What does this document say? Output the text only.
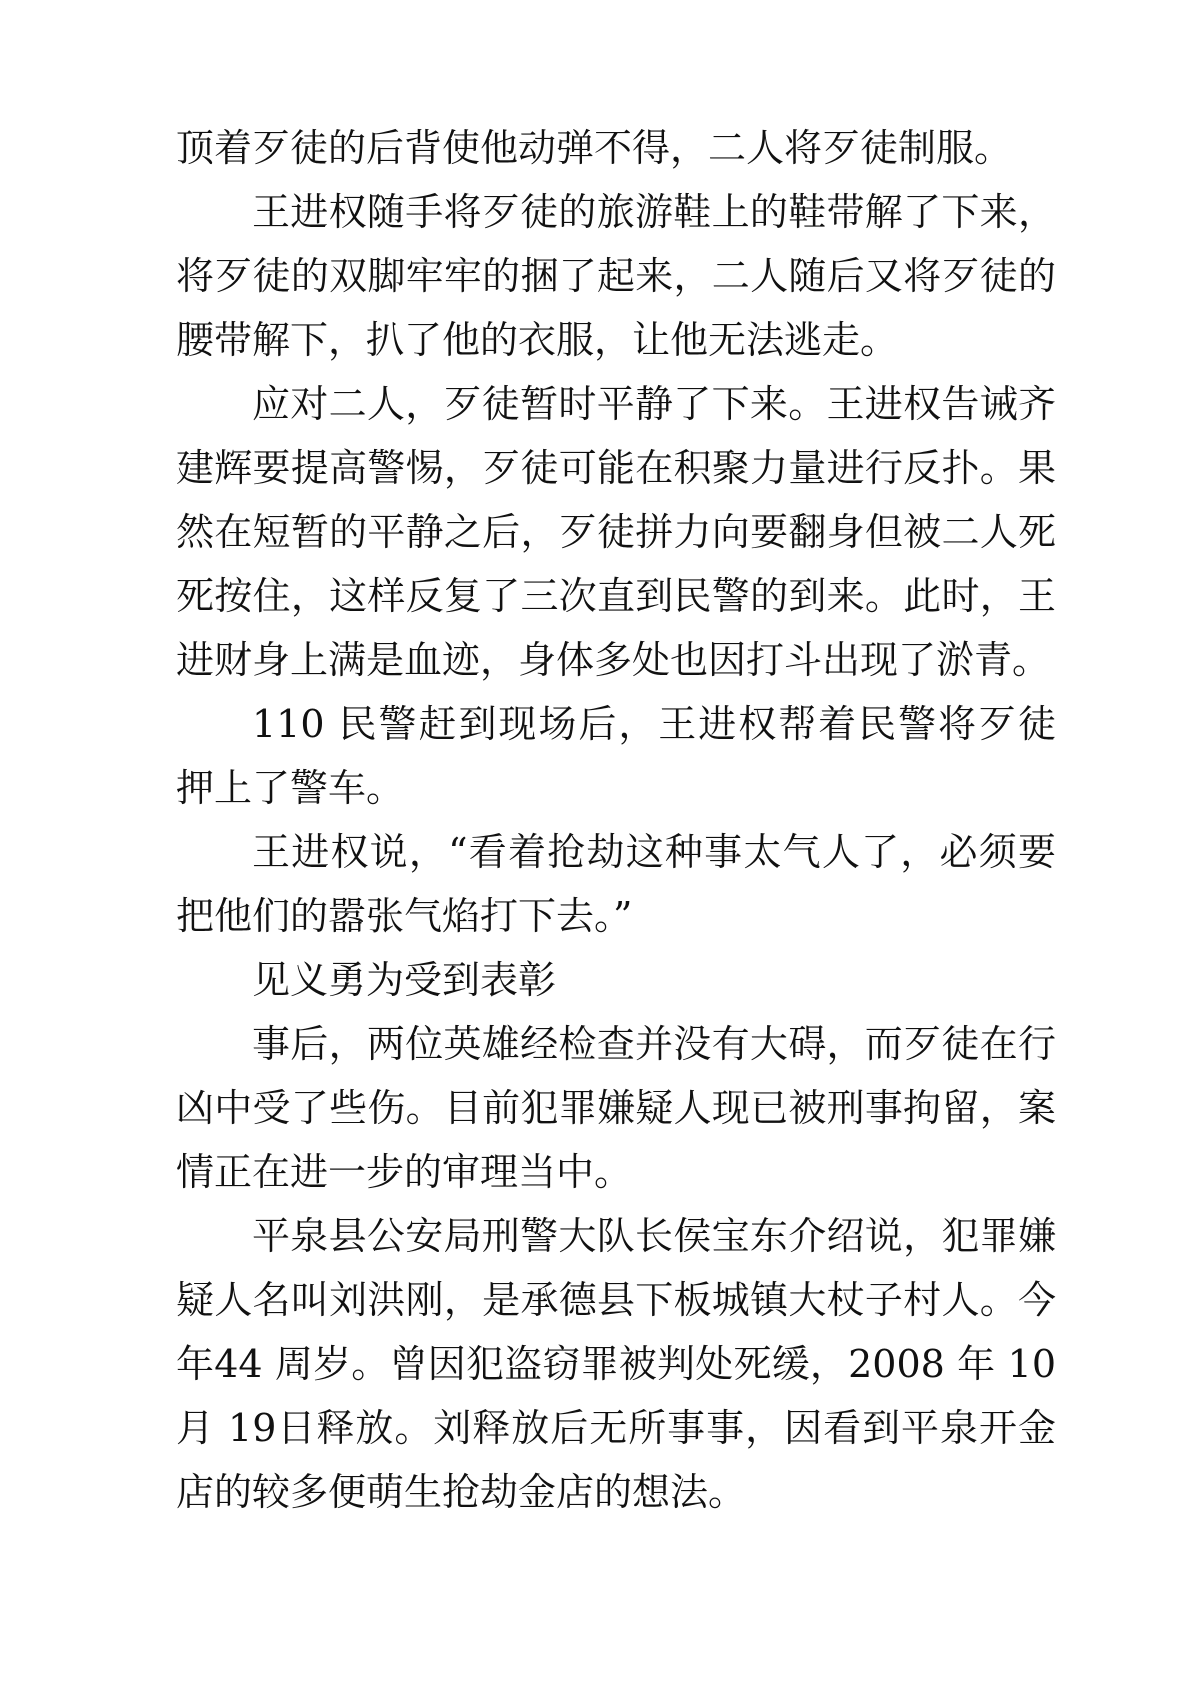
顶着歹徒的后背使他动弹不得，二人将歹徒制服。

王进权随手将歹徒的旅游鞋上的鞋带解了下来，将歹徒的双脚牢牢的捆了起来，二人随后又将歹徒的腰带解下，扒了他的衣服，让他无法逃走。

应对二人，歹徒暂时平静了下来。王进权告诫齐建辉要提高警惕，歹徒可能在积聚力量进行反扑。果然在短暂的平静之后，歹徒拼力向要翻身但被二人死死按住，这样反复了三次直到民警的到来。此时，王进财身上满是血迹，身体多处也因打斗出现了淤青。

110 民警赶到现场后，王进权帮着民警将歹徒押上了警车。

王进权说，“看着抢劫这种事太气人了，必须要把他们的嚣张气焰打下去。”

见义勇为受到表彰

事后，两位英雄经检查并没有大碍，而歹徒在行凶中受了些伤。目前犯罪嫌疑人现已被刑事拘留，案情正在进一步的审理当中。

平泉县公安局刑警大队长侯宝东介绍说，犯罪嫌疑人名叫刘洪刚，是承德县下板城镇大杖子村人。今年44 周岁。曾因犯盗窃罪被判处死缓，2008 年 10 月 19日释放。刘释放后无所事事，因看到平泉开金店的较多便萌生抢劫金店的想法。
